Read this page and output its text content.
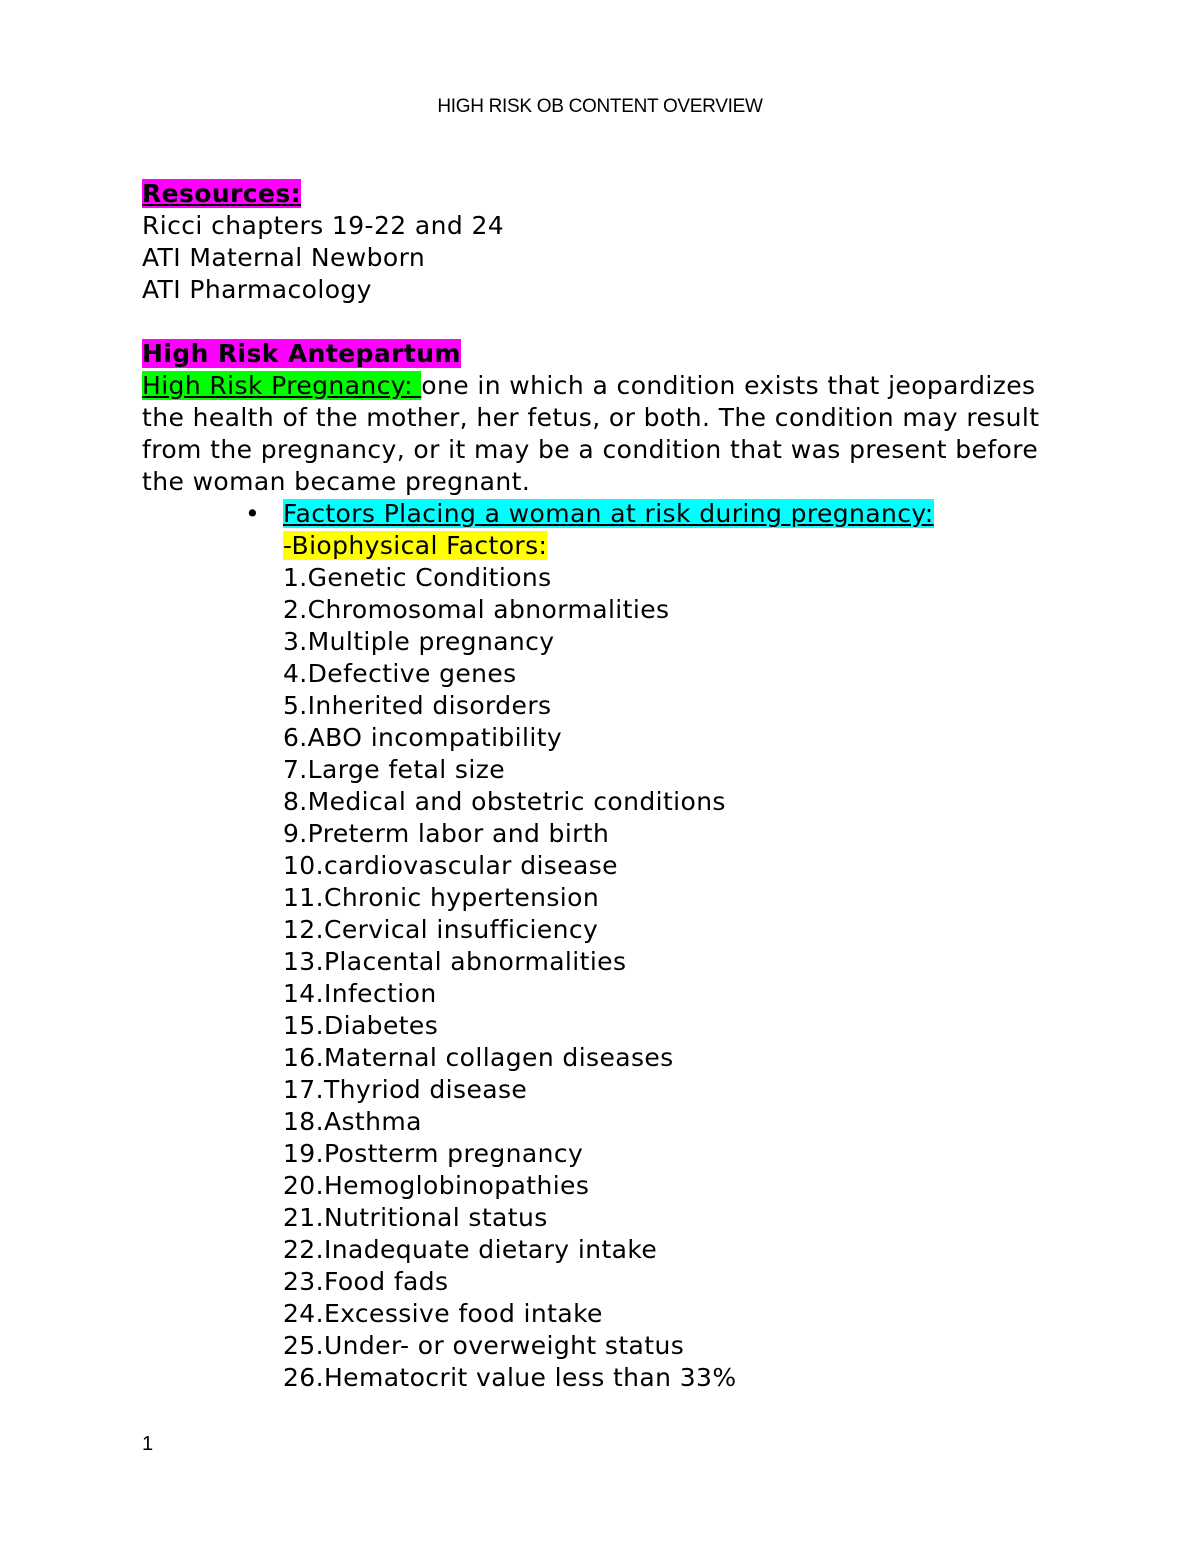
HIGH RISK OB CONTENT OVERVIEW
Resources:
Ricci chapters 19-22 and 24
ATI Maternal Newborn
ATI Pharmacology
High Risk Antepartum
High Risk Pregnancy: one in which a condition exists that jeopardizes the health of the mother, her fetus, or both. The condition may result from the pregnancy, or it may be a condition that was present before the woman became pregnant.
• Factors Placing a woman at risk during pregnancy:
-Biophysical Factors:
1.Genetic Conditions
2.Chromosomal abnormalities
3.Multiple pregnancy
4.Defective genes
5.Inherited disorders
6.ABO incompatibility
7.Large fetal size
8.Medical and obstetric conditions
9.Preterm labor and birth
10.cardiovascular disease
11.Chronic hypertension
12.Cervical insufficiency
13.Placental abnormalities
14.Infection
15.Diabetes
16.Maternal collagen diseases
17.Thyriod disease
18.Asthma
19.Postterm pregnancy
20.Hemoglobinopathies
21.Nutritional status
22.Inadequate dietary intake
23.Food fads
24.Excessive food intake
25.Under- or overweight status
26.Hematocrit value less than 33%
1
